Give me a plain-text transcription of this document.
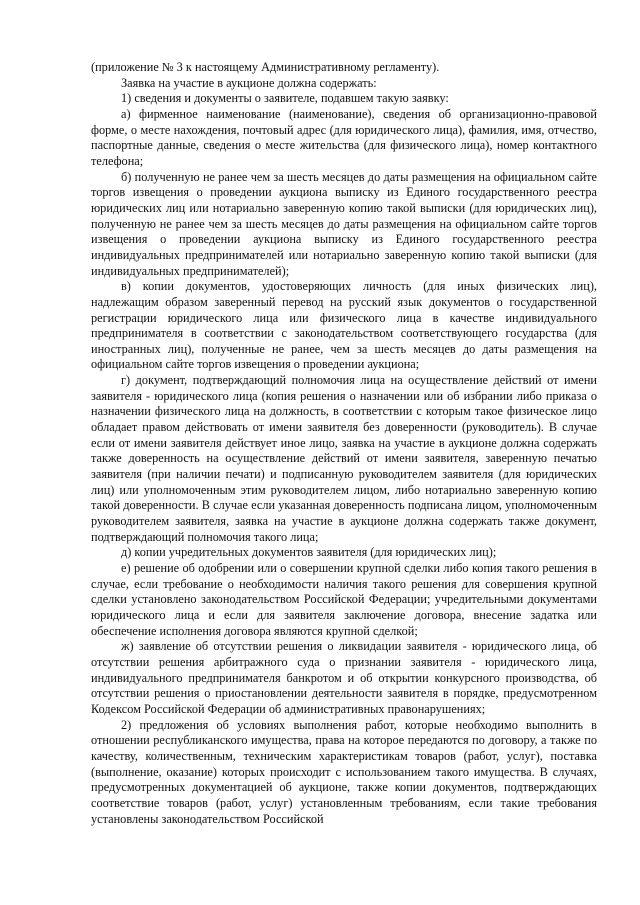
(приложение № 3 к настоящему Административному регламенту).

Заявка на участие в аукционе должна содержать:

1) сведения и документы о заявителе, подавшем такую заявку:

а) фирменное наименование (наименование), сведения об организационно-правовой форме, о месте нахождения, почтовый адрес (для юридического лица), фамилия, имя, отчество, паспортные данные, сведения о месте жительства (для физического лица), номер контактного телефона;

б) полученную не ранее чем за шесть месяцев до даты размещения на официальном сайте торгов извещения о проведении аукциона выписку из Единого государственного реестра юридических лиц или нотариально заверенную копию такой выписки (для юридических лиц), полученную не ранее чем за шесть месяцев до даты размещения на официальном сайте торгов извещения о проведении аукциона выписку из Единого государственного реестра индивидуальных предпринимателей или нотариально заверенную копию такой выписки (для индивидуальных предпринимателей);

в) копии документов, удостоверяющих личность (для иных физических лиц), надлежащим образом заверенный перевод на русский язык документов о государственной регистрации юридического лица или физического лица в качестве индивидуального предпринимателя в соответствии с законодательством соответствующего государства (для иностранных лиц), полученные не ранее, чем за шесть месяцев до даты размещения на официальном сайте торгов извещения о проведении аукциона;

г) документ, подтверждающий полномочия лица на осуществление действий от имени заявителя - юридического лица (копия решения о назначении или об избрании либо приказа о назначении физического лица на должность, в соответствии с которым такое физическое лицо обладает правом действовать от имени заявителя без доверенности (руководитель). В случае если от имени заявителя действует иное лицо, заявка на участие в аукционе должна содержать также доверенность на осуществление действий от имени заявителя, заверенную печатью заявителя (при наличии печати) и подписанную руководителем заявителя (для юридических лиц) или уполномоченным этим руководителем лицом, либо нотариально заверенную копию такой доверенности. В случае если указанная доверенность подписана лицом, уполномоченным руководителем заявителя, заявка на участие в аукционе должна содержать также документ, подтверждающий полномочия такого лица;

д) копии учредительных документов заявителя (для юридических лиц);

е) решение об одобрении или о совершении крупной сделки либо копия такого решения в случае, если требование о необходимости наличия такого решения для совершения крупной сделки установлено законодательством Российской Федерации; учредительными документами юридического лица и если для заявителя заключение договора, внесение задатка или обеспечение исполнения договора являются крупной сделкой;

ж) заявление об отсутствии решения о ликвидации заявителя - юридического лица, об отсутствии решения арбитражного суда о признании заявителя - юридического лица, индивидуального предпринимателя банкротом и об открытии конкурсного производства, об отсутствии решения о приостановлении деятельности заявителя в порядке, предусмотренном Кодексом Российской Федерации об административных правонарушениях;

2) предложения об условиях выполнения работ, которые необходимо выполнить в отношении республиканского имущества, права на которое передаются по договору, а также по качеству, количественным, техническим характеристикам товаров (работ, услуг), поставка (выполнение, оказание) которых происходит с использованием такого имущества. В случаях, предусмотренных документацией об аукционе, также копии документов, подтверждающих соответствие товаров (работ, услуг) установленным требованиям, если такие требования установлены законодательством Российской
